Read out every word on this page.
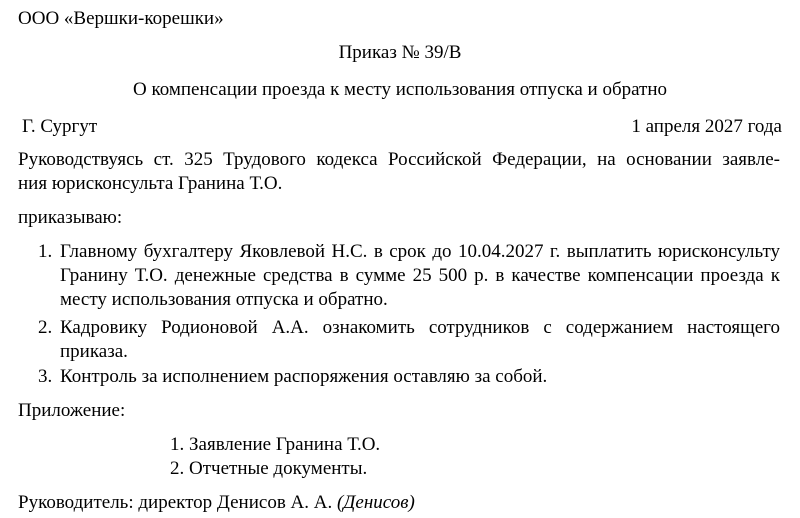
ООО «Вершки-корешки»
Приказ № 39/В
О компенсации проезда к месту использования отпуска и обратно
Г. Сургут	1 апреля 2027 года
Руководствуясь ст. 325 Трудового кодекса Российской Федерации, на основании заявле-
ния юрисконсульта Гранина Т.О.
приказываю:
1. Главному бухгалтеру Яковлевой Н.С. в срок до 10.04.2027 г. выплатить юрисконсульту Гранину Т.О. денежные средства в сумме 25 500 р. в качестве компенсации проезда к месту использования отпуска и обратно.
2. Кадровику Родионовой А.А. ознакомить сотрудников с содержанием настоящего приказа.
3. Контроль за исполнением распоряжения оставляю за собой.
Приложение:
1. Заявление Гранина Т.О.
2. Отчетные документы.
Руководитель: директор Денисов А. А. (Денисов)
